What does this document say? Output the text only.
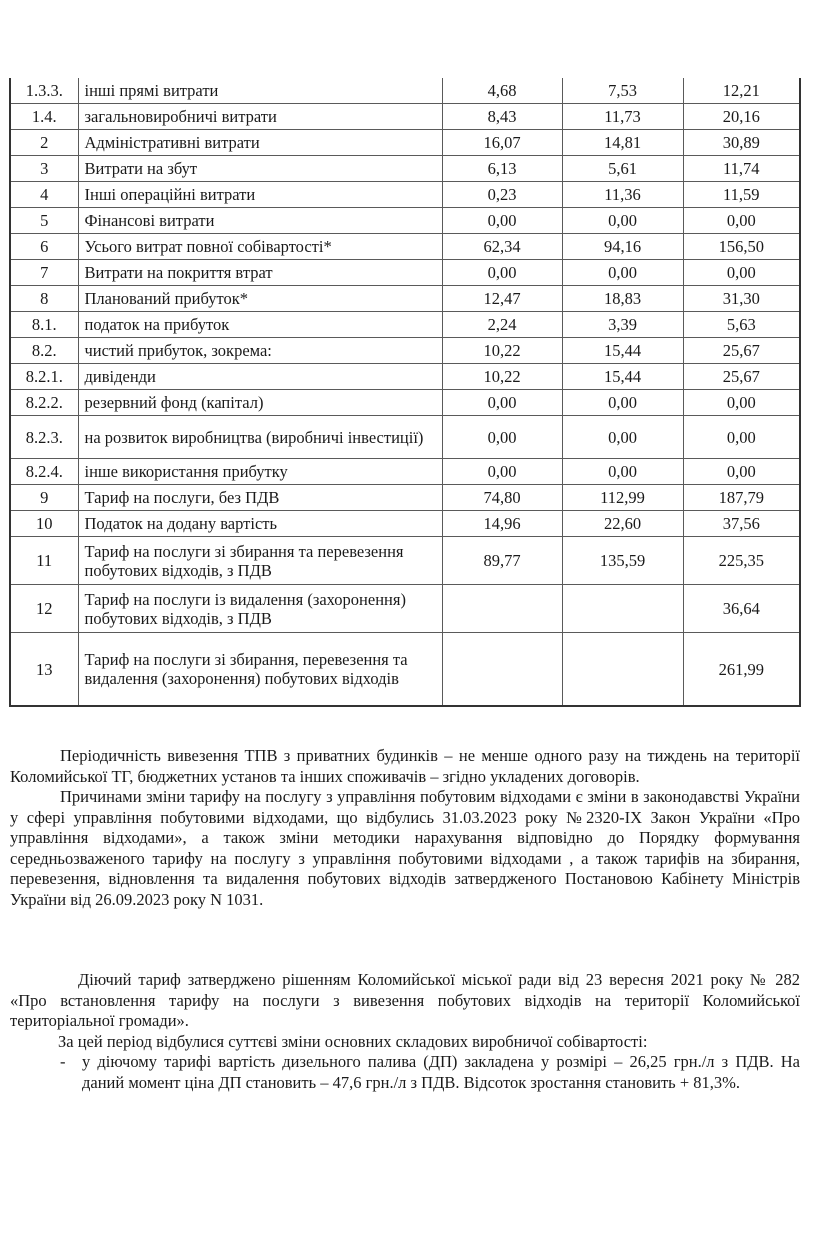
1.3.3.	інші прямі витрати	4,68	7,53	12,21
1.4.	загальновиробничі витрати	8,43	11,73	20,16
2	Адміністративні витрати	16,07	14,81	30,89
3	Витрати на збут	6,13	5,61	11,74
4	Інші операційні витрати	0,23	11,36	11,59
5	Фінансові витрати	0,00	0,00	0,00
6	Усього витрат повної собівартості*	62,34	94,16	156,50
7	Витрати на покриття втрат	0,00	0,00	0,00
8	Планований прибуток*	12,47	18,83	31,30
8.1.	податок на прибуток	2,24	3,39	5,63
8.2.	чистий прибуток, зокрема:	10,22	15,44	25,67
8.2.1.	дивіденди	10,22	15,44	25,67
8.2.2.	резервний фонд (капітал)	0,00	0,00	0,00
8.2.3.	на розвиток виробництва (виробничі інвестиції)	0,00	0,00	0,00
8.2.4.	інше використання прибутку	0,00	0,00	0,00
9	Тариф на послуги, без ПДВ	74,80	112,99	187,79
10	Податок на додану вартість	14,96	22,60	37,56
11	Тариф на послуги зі збирання та перевезення побутових відходів, з ПДВ	89,77	135,59	225,35
12	Тариф на послуги із видалення (захоронення) побутових відходів, з ПДВ			36,64
13	Тариф на послуги зі збирання, перевезення та видалення (захоронення) побутових відходів			261,99

Періодичність вивезення ТПВ з приватних будинків – не менше одного разу на тиждень на території Коломийської ТГ, бюджетних установ та інших споживачів – згідно укладених договорів.

Причинами зміни тарифу на послугу з управління побутовим відходами є зміни в законодавстві України у сфері управління побутовими відходами, що відбулись 31.03.2023 року №2320-ІХ Закон України «Про управління відходами», а також зміни методики нарахування відповідно до Порядку формування середньозваженого тарифу на послугу з управління побутовими відходами , а також тарифів на збирання, перевезення, відновлення та видалення побутових відходів затвердженого Постановою Кабінету Міністрів України від 26.09.2023 року N 1031.

Діючий тариф затверджено рішенням Коломийської міської ради від 23 вересня 2021 року № 282 «Про встановлення тарифу на послуги з вивезення побутових відходів на території Коломийської територіальної громади».

За цей період відбулися суттєві зміни основних складових виробничої собівартості:

-	у діючому тарифі вартість дизельного палива (ДП) закладена у розмірі – 26,25 грн./л з ПДВ. На даний момент ціна ДП становить – 47,6 грн./л з ПДВ. Відсоток зростання становить + 81,3%.
